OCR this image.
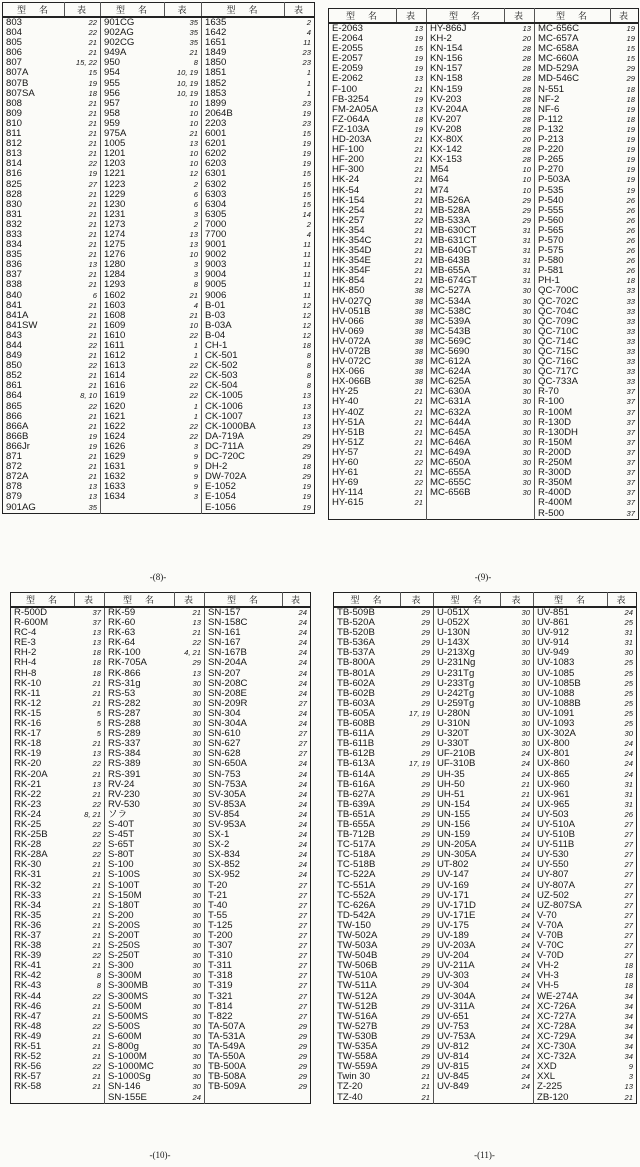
型　名	表	型　名	表	型　名	表
803	22	901CG	35	1635	2
804	22	902AG	35	1642	4
805	21	902CG	35	1651	11
806	21	949A	21	1849	23
807	15, 22	950	8	1850	23
807A	15	954	10, 19	1851	1
807B	19	955	10, 19	1852	1
807SA	18	956	10, 19	1853	1
808	21	957	10	1899	23
809	21	958	10	2064B	19
810	21	959	10	2203	23
811	21	975A	21	6001	15
812	21	1005	13	6201	19
813	21	1201	10	6202	19
814	22	1203	10	6203	19
816	19	1221	12	6301	15
825	27	1223	2	6302	15
828	21	1229	6	6303	15
830	21	1230	6	6304	15
831	21	1231	3	6305	14
832	21	1273	2	7000	2
833	21	1274	13	7700	4
834	21	1275	13	9001	11
835	21	1276	10	9002	11
836	13	1280	3	9003	11
837	21	1284	3	9004	11
838	21	1293	8	9005	11
840	6	1602	21	9006	11
841	21	1603	4	B-01	12
841A	21	1608	21	B-03	12
841SW	21	1609	10	B-03A	12
843	21	1610	22	B-04	12
844	22	1611	1	CH-1	18
849	21	1612	1	CK-501	8
850	22	1613	22	CK-502	8
852	21	1614	22	CK-503	8
861	21	1616	22	CK-504	8
864	8, 10	1619	22	CK-1005	13
865	22	1620	1	CK-1006	13
866	21	1621	1	CK-1007	13
866A	21	1622	22	CK-1000BA	13
866B	19	1624	22	DA-719A	29
866Jr	19	1626	3	DC-711A	29
871	21	1629	9	DC-720C	29
872	21	1631	9	DH-2	18
872A	21	1632	9	DW-702A	29
878	13	1633	9	E-1052	19
879	13	1634	3	E-1054	19
901AG	35			E-1056	19
-(8)-
型　名	表	型　名	表	型　名	表
E-2063	13	HY-866J	13	MC-656C	19
E-2064	19	KH-2	20	MC-657A	19
E-2055	15	KN-154	28	MC-658A	15
E-2057	19	KN-156	28	MC-660A	15
E-2059	19	KN-157	28	MD-529A	29
E-2062	13	KN-158	28	MD-546C	29
F-100	21	KN-159	28	N-551	18
FB-3254	19	KV-203	28	NF-2	18
FM-2A05A	13	KV-204A	28	NF-6	19
FZ-064A	18	KV-207	28	P-112	18
FZ-103A	19	KV-208	28	P-132	19
HD-203A	21	KX-80X	20	P-213	19
HF-100	21	KX-142	28	P-220	19
HF-200	21	KX-153	28	P-265	19
HF-300	21	M54	10	P-270	19
HK-24	21	M64	10	P-503A	19
HK-54	21	M74	10	P-535	19
HK-154	21	MB-526A	29	P-540	26
HK-254	21	MB-528A	29	P-555	26
HK-257	22	MB-533A	29	P-560	26
HK-354	21	MB-630CT	31	P-565	26
HK-354C	21	MB-631CT	31	P-570	26
HK-354D	21	MB-640GT	31	P-575	26
HK-354E	21	MB-643B	31	P-580	26
HK-354F	21	MB-655A	31	P-581	26
HK-854	21	MB-674GT	31	PH-1	18
HK-850	38	MC-527A	30	QC-700C	33
HV-027Q	38	MC-534A	30	QC-702C	33
HV-051B	38	MC-538C	30	QC-704C	33
HV-066	38	MC-539A	30	QC-709C	33
HV-069	38	MC-543B	30	QC-710C	33
HV-072A	38	MC-569C	30	QC-714C	33
HV-072B	38	MC-5690	30	QC-715C	33
HV-072C	38	MC-612A	30	QC-716C	33
HX-066	38	MC-624A	30	QC-717C	33
HX-066B	38	MC-625A	30	QC-733A	33
HY-25	21	MC-630A	30	R-70	37
HY-40	21	MC-631A	30	R-100	37
HY-40Z	21	MC-632A	30	R-100M	37
HY-51A	21	MC-644A	30	R-130D	37
HY-51B	21	MC-645A	30	R-130DH	37
HY-51Z	21	MC-646A	30	R-150M	37
HY-57	21	MC-649A	30	R-200D	37
HY-60	22	MC-650A	30	R-250M	37
HY-61	21	MC-655A	30	R-300D	37
HY-69	22	MC-655C	30	R-350M	37
HY-114	21	MC-656B	30	R-400D	37
HY-615	21			R-400M	37
				R-500	37
-(9)-
型　名	表	型　名	表	型　名	表
R-500D	37	RK-59	21	SN-157	24
R-600M	37	RK-60	13	SN-158C	24
RC-4	13	RK-63	21	SN-161	24
RE-3	13	RK-64	22	SN-167	24
RH-2	18	RK-100	4, 21	SN-167B	24
RH-4	18	RK-705A	29	SN-204A	24
RH-8	18	RK-866	13	SN-207	24
RK-10	21	RS-31g	30	SN-208C	24
RK-11	21	RS-53	30	SN-208E	24
RK-12	21	RS-282	30	SN-209R	27
RK-15	5	RS-287	30	SN-304	24
RK-16	5	RS-288	30	SN-304A	24
RK-17	5	RS-289	30	SN-610	27
RK-18	21	RS-337	30	SN-627	27
RK-19	13	RS-384	30	SN-628	27
RK-20	22	RS-389	30	SN-650A	24
RK-20A	21	RS-391	30	SN-753	24
RK-21	13	RV-24	30	SN-753A	24
RK-22	21	RV-230	30	SV-305A	24
RK-23	22	RV-530	30	SV-853A	24
RK-24	8, 21	ソラ	30	SV-854	24
RK-25	22	S-40T	30	SV-953A	24
RK-25B	22	S-45T	30	SX-1	24
RK-28	22	S-65T	30	SX-2	24
RK-28A	22	S-80T	30	SX-834	24
RK-30	21	S-100	30	SX-852	24
RK-31	21	S-100S	30	SX-952	24
RK-32	21	S-100T	30	T-20	27
RK-33	21	S-150M	30	T-21	27
RK-34	21	S-180T	30	T-40	27
RK-35	21	S-200	30	T-55	27
RK-36	21	S-200S	30	T-125	27
RK-37	21	S-200T	30	T-200	27
RK-38	21	S-250S	30	T-307	27
RK-39	22	S-250T	30	T-310	27
RK-41	21	S-300	30	T-311	27
RK-42	8	S-300M	30	T-318	27
RK-43	8	S-300MB	30	T-319	27
RK-44	22	S-300MS	30	T-321	27
RK-46	21	S-500M	30	T-814	27
RK-47	21	S-500MS	30	T-822	27
RK-48	22	S-500S	30	TA-507A	29
RK-49	21	S-600M	30	TA-531A	29
RK-51	21	S-800g	30	TA-549A	29
RK-52	21	S-1000M	30	TA-550A	29
RK-56	22	S-1000MC	30	TB-500A	29
RK-57	21	S-1000Sg	30	TB-508A	29
RK-58	21	SN-146	30	TB-509A	29
		SN-155E	24		
-(10)-
型　名	表	型　名	表	型　名	表
TB-509B	29	U-051X	30	UV-851	24
TB-520A	29	U-052X	30	UV-861	25
TB-520B	29	U-130N	30	UV-912	31
TB-536A	29	U-143X	30	UV-914	31
TB-537A	29	U-213Xg	30	UV-949	30
TB-800A	29	U-231Ng	30	UV-1083	25
TB-801A	29	U-231Tg	30	UV-1085	25
TB-602A	29	U-233Tg	30	UV-1085B	25
TB-602B	29	U-242Tg	30	UV-1088	25
TB-603A	29	U-259Tg	30	UV-1088B	25
TB-605A	17, 19	U-280N	30	UV-1091	25
TB-608B	29	U-310N	30	UV-1093	25
TB-611A	29	U-320T	30	UX-302A	30
TB-611B	29	U-330T	30	UX-800	24
TB-612B	29	UF-210B	24	UX-801	24
TB-613A	17, 19	UF-310B	24	UX-860	24
TB-614A	29	UH-35	24	UX-865	24
TB-616A	29	UH-50	21	UX-960	31
TB-627A	29	UH-51	21	UX-961	31
TB-639A	29	UN-154	24	UX-965	31
TB-651A	29	UN-155	24	UY-503	26
TB-655A	29	UN-156	24	UY-510A	27
TB-712B	29	UN-159	24	UY-510B	27
TC-517A	29	UN-205A	24	UY-511B	27
TC-518A	29	UN-305A	24	UY-530	27
TC-518B	29	UT-802	24	UY-550	27
TC-522A	29	UV-147	24	UY-807	27
TC-551A	29	UV-169	24	UY-807A	27
TC-552A	29	UV-171	24	UZ-502	27
TC-626A	29	UV-171D	24	UZ-807SA	27
TD-542A	29	UV-171E	24	V-70	27
TW-150	29	UV-175	24	V-70A	27
TW-502A	29	UV-189	24	V-70B	27
TW-503A	29	UV-203A	24	V-70C	27
TW-504B	29	UV-204	24	V-70D	27
TW-506B	29	UV-211A	24	VH-2	18
TW-510A	29	UV-303	24	VH-3	18
TW-511A	29	UV-304	24	VH-5	18
TW-512A	29	UV-304A	24	WE-274A	34
TW-512B	29	UV-311A	24	XC-726A	34
TW-516A	29	UV-651	24	XC-727A	34
TW-527B	29	UV-753	24	XC-728A	34
TW-530B	29	UV-753A	24	XC-729A	34
TW-535A	29	UV-812	24	XC-730A	34
TW-558A	29	UV-814	24	XC-732A	34
TW-559A	29	UV-815	24	XXD	9
Twin 30	21	UV-845	24	XXL	3
TZ-20	21	UV-849	24	Z-225	13
TZ-40	21			ZB-120	21
-(11)-
